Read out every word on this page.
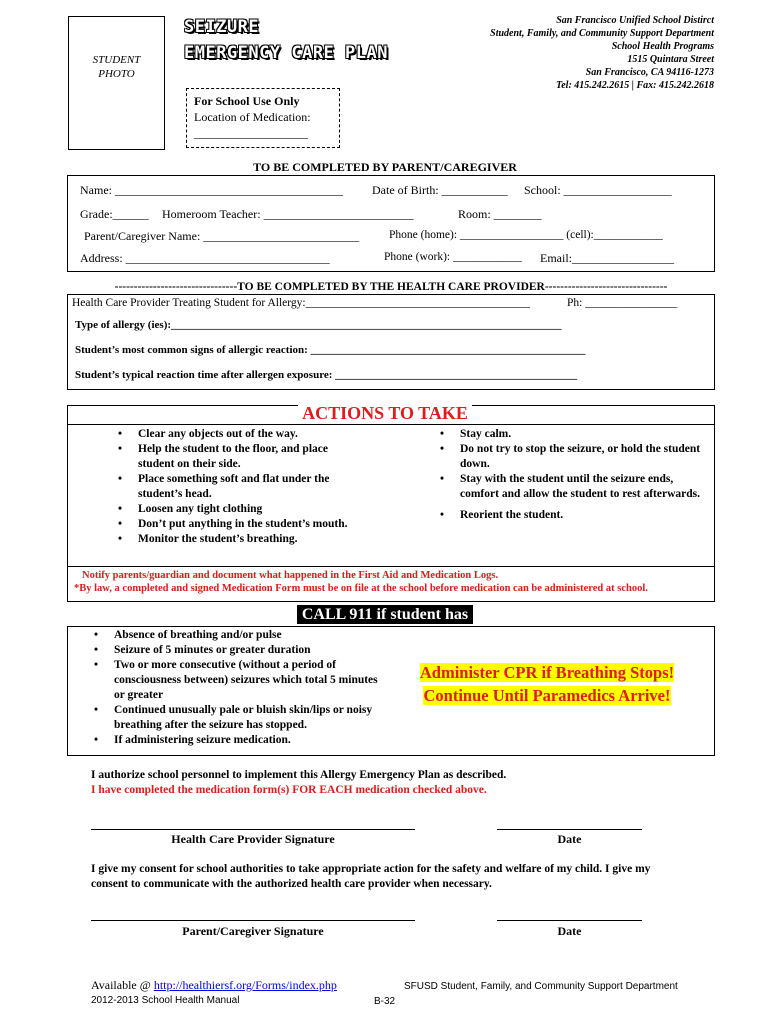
STUDENT
PHOTO
SEIZURE
EMERGENCY CARE PLAN
San Francisco Unified School Distirct
Student, Family, and Community Support Department
School Health Programs
1515 Quintara Street
San Francisco, CA 94116-1273
Tel: 415.242.2615 | Fax: 415.242.2618
For School Use Only
Location of Medication:
___________________
TO BE COMPLETED BY PARENT/CAREGIVER
Name: ______________________________________ Date of Birth: ___________ School: __________________
Grade:______ Homeroom Teacher: _________________________	Room: ________
Parent/Caregiver Name: __________________________	Phone (home): __________________ (cell):____________
Address: __________________________________	Phone (work): ____________ Email:_________________
--------------------------------TO BE COMPLETED BY THE HEALTH CARE PROVIDER--------------------------------
Health Care Provider Treating Student for Allergy:_______________________________________	Ph: ________________
Type of allergy (ies):_______________________________________________________________________
Student’s most common signs of allergic reaction: __________________________________________________
Student’s typical reaction time after allergen exposure: ____________________________________________
ACTIONS TO TAKE
• Clear any objects out of the way.
• Help the student to the floor, and place student on their side.
• Place something soft and flat under the student’s head.
• Loosen any tight clothing
• Don’t put anything in the student’s mouth.
• Monitor the student’s breathing.
• Stay calm.
• Do not try to stop the seizure, or hold the student down.
• Stay with the student until the seizure ends, comfort and allow the student to rest afterwards.
• Reorient the student.
Notify parents/guardian and document what happened in the First Aid and Medication Logs.
*By law, a completed and signed Medication Form must be on file at the school before medication can be administered at school.
CALL 911 if student has
• Absence of breathing and/or pulse
• Seizure of 5 minutes or greater duration
• Two or more consecutive (without a period of consciousness between) seizures which total 5 minutes or greater
• Continued unusually pale or bluish skin/lips or noisy breathing after the seizure has stopped.
• If administering seizure medication.
Administer CPR if Breathing Stops!
Continue Until Paramedics Arrive!
I authorize school personnel to implement this Allergy Emergency Plan as described.
I have completed the medication form(s) FOR EACH medication checked above.
Health Care Provider Signature	Date
I give my consent for school authorities to take appropriate action for the safety and welfare of my child. I give my consent to communicate with the authorized health care provider when necessary.
Parent/Caregiver Signature	Date
Available @ http://healthiersf.org/Forms/index.php
2012-2013 School Health Manual
SFUSD Student, Family, and Community Support Department
B-32
